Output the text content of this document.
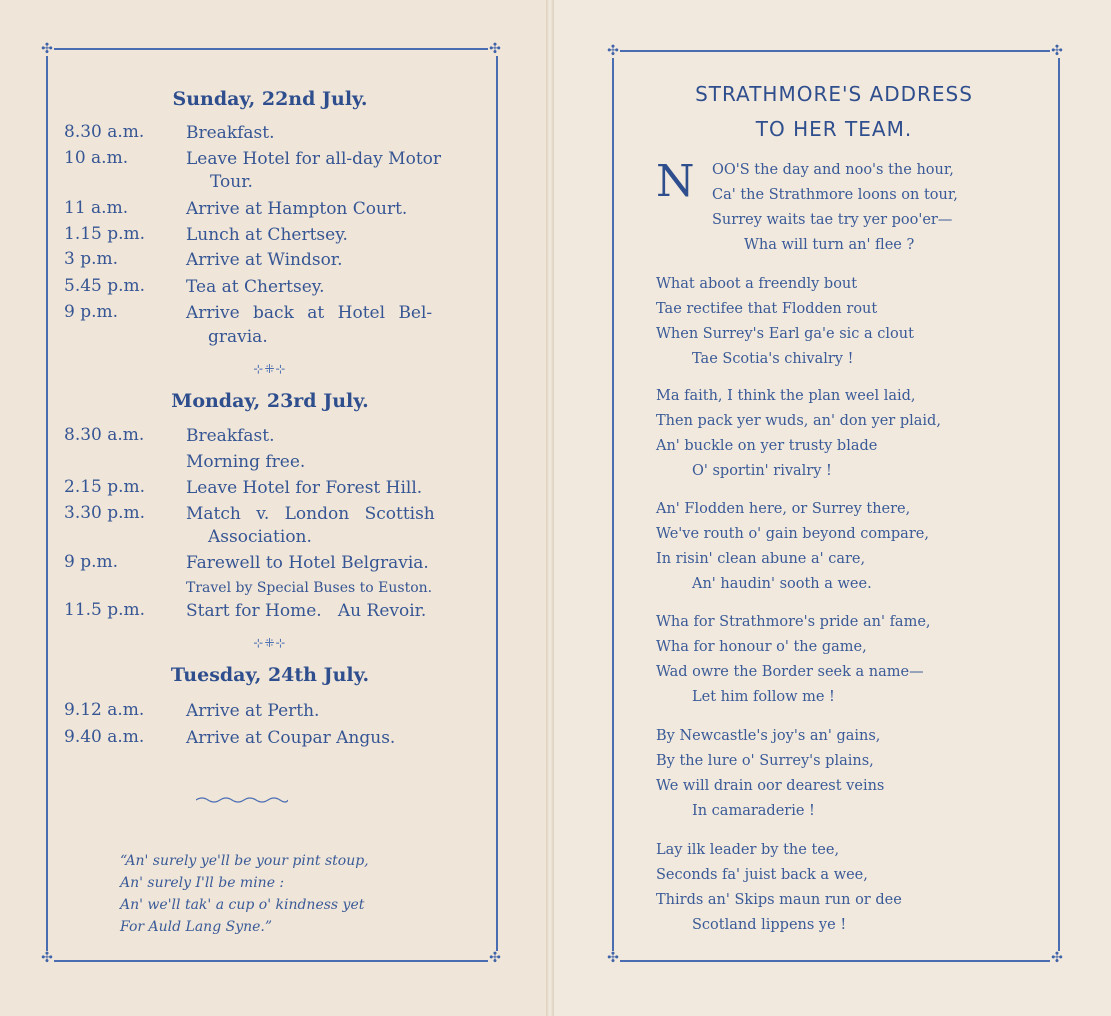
✣	✣
✣	✣
✣	✣
✣	✣
Sunday, 22nd July.
8.30 a.m.	Breakfast.
10 a.m.	Leave Hotel for all-day Motor
Tour.
11 a.m.	Arrive at Hampton Court.
1.15 p.m.	Lunch at Chertsey.
3 p.m.	Arrive at Windsor.
5.45 p.m.	Tea at Chertsey.
9 p.m.	Arrive back at Hotel Bel-
gravia.
⊹⁜⊹
Monday, 23rd July.
8.30 a.m.	Breakfast.
Morning free.
2.15 p.m.	Leave Hotel for Forest Hill.
3.30 p.m.	Match v. London Scottish
Association.
9 p.m.	Farewell to Hotel Belgravia.
Travel by Special Buses to Euston.
11.5 p.m.	Start for Home.   Au Revoir.
⊹⁜⊹
Tuesday, 24th July.
9.12 a.m.	Arrive at Perth.
9.40 a.m.	Arrive at Coupar Angus.
“An' surely ye'll be your pint stoup,
An' surely I'll be mine :
An' we'll tak' a cup o' kindness yet
For Auld Lang Syne.”
STRATHMORE'S ADDRESS
TO HER TEAM.
N OO'S the day and noo's the hour,
Ca' the Strathmore loons on tour,
Surrey waits tae try yer poo'er—
Wha will turn an' flee ?
What aboot a freendly bout
Tae rectifee that Flodden rout
When Surrey's Earl ga'e sic a clout
Tae Scotia's chivalry !
Ma faith, I think the plan weel laid,
Then pack yer wuds, an' don yer plaid,
An' buckle on yer trusty blade
O' sportin' rivalry !
An' Flodden here, or Surrey there,
We've routh o' gain beyond compare,
In risin' clean abune a' care,
An' haudin' sooth a wee.
Wha for Strathmore's pride an' fame,
Wha for honour o' the game,
Wad owre the Border seek a name—
Let him follow me !
By Newcastle's joy's an' gains,
By the lure o' Surrey's plains,
We will drain oor dearest veins
In camaraderie !
Lay ilk leader by the tee,
Seconds fa' juist back a wee,
Thirds an' Skips maun run or dee
Scotland lippens ye !
